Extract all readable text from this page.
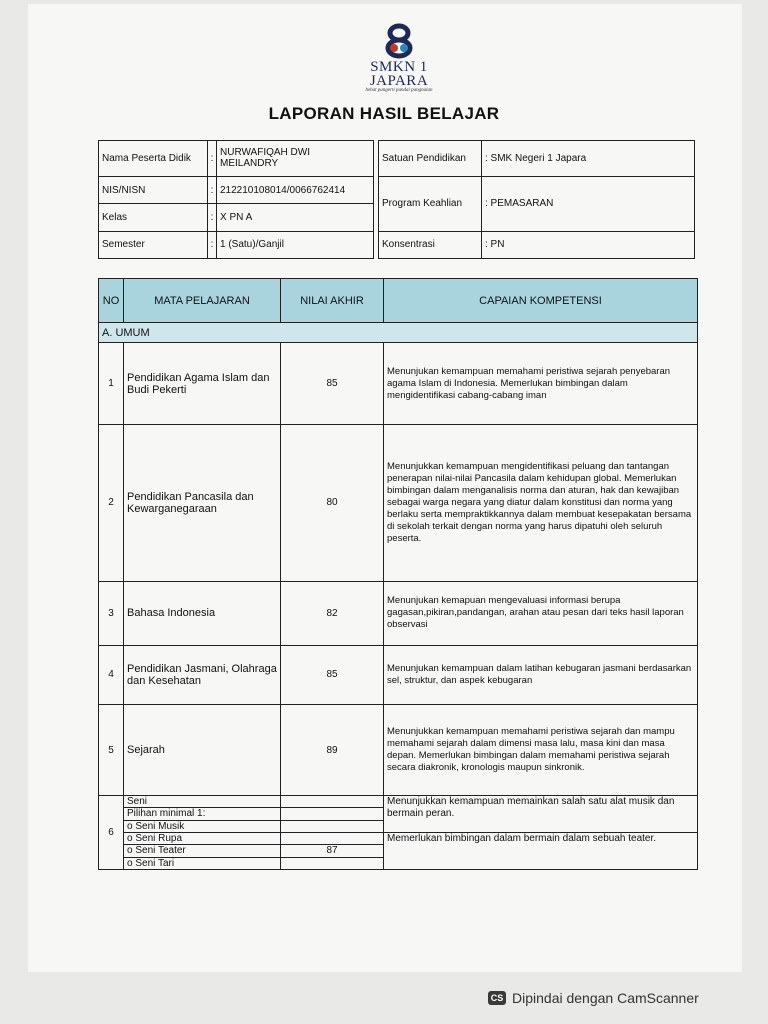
SMKN 1
JAPARA
hebat pangerti pandai pangnalan
LAPORAN HASIL BELAJAR
Nama Peserta Didik	:	NURWAFIQAH DWI MEILANDRY		Satuan Pendidikan	: SMK Negeri 1 Japara
NIS/NISN	:	212210108014/0066762414		Program Keahlian	: PEMASARAN
Kelas	:	X PN A			
Semester	:	1 (Satu)/Ganjil		Konsentrasi	: PN
NO	MATA PELAJARAN	NILAI AKHIR	CAPAIAN KOMPETENSI
A. UMUM			
1	Pendidikan Agama Islam dan Budi Pekerti	85	Menunjukan kemampuan memahami peristiwa sejarah penyebaran agama Islam di Indonesia. Memerlukan bimbingan dalam mengidentifikasi cabang-cabang iman
2	Pendidikan Pancasila dan Kewarganegaraan	80	Menunjukkan kemampuan mengidentifikasi peluang dan tantangan penerapan nilai-nilai Pancasila dalam kehidupan global. Memerlukan bimbingan dalam menganalisis norma dan aturan, hak dan kewajiban sebagai warga negara yang diatur dalam konstitusi dan norma yang berlaku serta mempraktikkannya dalam membuat kesepakatan bersama di sekolah terkait dengan norma yang harus dipatuhi oleh seluruh peserta.
3	Bahasa Indonesia	82	Menunjukan kemapuan mengevaluasi informasi berupa gagasan,pikiran,pandangan, arahan atau pesan dari teks hasil laporan observasi
4	Pendidikan Jasmani, Olahraga dan Kesehatan	85	Menunjukan kemampuan dalam latihan kebugaran jasmani berdasarkan sel, struktur, dan aspek kebugaran
5	Sejarah	89	Menunjukkan kemampuan memahami peristiwa sejarah dan mampu memahami sejarah dalam dimensi masa lalu, masa kini dan masa depan. Memerlukan bimbingan dalam memahami peristiwa sejarah secara diakronik, kronologis maupun sinkronik.
6	Seni		Menunjukkan kemampuan memainkan salah satu alat musik dan bermain peran.
	Pilihan minimal 1:		
	o Seni Musik		
	o Seni Rupa		Memerlukan bimbingan dalam bermain dalam sebuah teater.
	o Seni Teater	87	
	o Seni Tari		
CS Dipindai dengan CamScanner
